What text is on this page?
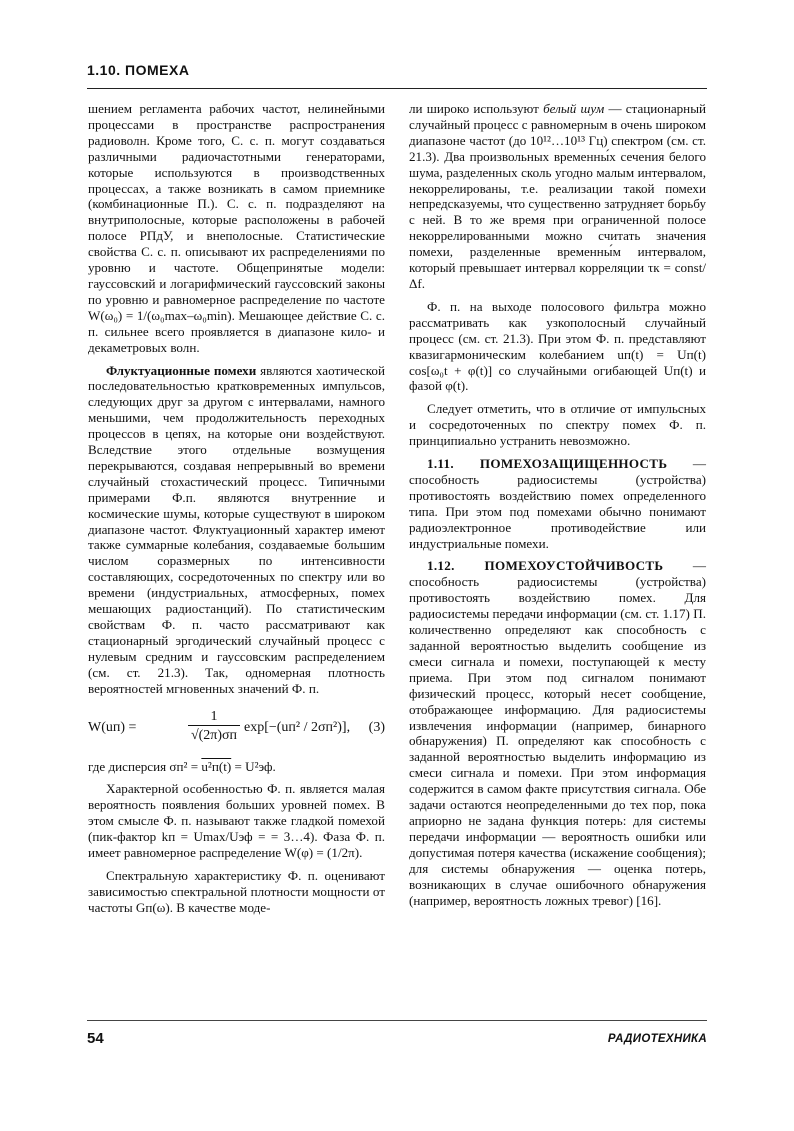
1.10. ПОМЕХА

шением регламента рабочих частот, нелинейными процессами в пространстве распространения радиоволн. Кроме того, С. с. п. могут создаваться различными радиочастотными генераторами, которые используются в производственных процессах, а также возникать в самом приемнике (комбинационные П.). С. с. п. подразделяют на внутриполосные, которые расположены в рабочей полосе РПдУ, и внеполосные. Статистические свойства С. с. п. описывают их распределениями по уровню и частоте. Общепринятые модели: гауссовский и логарифмический гауссовский законы по уровню и равномерное распределение по частоте W(ω₀) = 1/(ω₀max–ω₀min). Мешающее действие С. с. п. сильнее всего проявляется в диапазоне кило- и декаметровых волн.

Флуктуационные помехи являются хаотической последовательностью кратковременных импульсов, следующих друг за другом с интервалами, намного меньшими, чем продолжительность переходных процессов в цепях, на которые они воздействуют. Вследствие этого отдельные возмущения перекрываются, создавая непрерывный во времени случайный стохастический процесс. Типичными примерами Ф.п. являются внутренние и космические шумы, которые существуют в широком диапазоне частот. Флуктуационный характер имеют также суммарные колебания, создаваемые большим числом соразмерных по интенсивности составляющих, сосредоточенных по спектру или во времени (индустриальных, атмосферных, помех мешающих радиостанций). По статистическим свойствам Ф. п. часто рассматривают как стационарный эргодический случайный процесс с нулевым средним и гауссовским распределением (см. ст. 21.3). Так, одномерная плотность вероятностей мгновенных значений Ф. п.

W(uп) =
1
√(2π)σп
exp[−(uп² / 2σп²)], (3)

где дисперсия σп² = u²п(t) = U²эф.

Характерной особенностью Ф. п. является малая вероятность появления больших уровней помех. В этом смысле Ф. п. называют также гладкой помехой (пик-фактор kп = Umax/Uэф = = 3…4). Фаза Ф. п. имеет равномерное распределение W(φ) = (1/2π).

Спектральную характеристику Ф. п. оценивают зависимостью спектральной плотности мощности от частоты Gп(ω). В качестве моде-

ли широко используют белый шум — стационарный случайный процесс с равномерным в очень широком диапазоне частот (до 10¹²…10¹³ Гц) спектром (см. ст. 21.3). Два произвольных временны́х сечения белого шума, разделенных сколь угодно малым интервалом, некоррелированы, т.е. реализации такой помехи непредсказуемы, что существенно затрудняет борьбу с ней. В то же время при ограниченной полосе некоррелированными можно считать значения помехи, разделенные временны́м интервалом, который превышает интервал корреляции τк = const/Δf.

Ф. п. на выходе полосового фильтра можно рассматривать как узкополосный случайный процесс (см. ст. 21.3). При этом Ф. п. представляют квазигармоническим колебанием uп(t) = Uп(t) cos[ω₀t + φ(t)] со случайными огибающей Uп(t) и фазой φ(t).

Следует отметить, что в отличие от импульсных и сосредоточенных по спектру помех Ф. п. принципиально устранить невозможно.

1.11. ПОМЕХОЗАЩИЩЕННОСТЬ — способность радиосистемы (устройства) противостоять воздействию помех определенного типа. При этом под помехами обычно понимают радиоэлектронное противодействие или индустриальные помехи.

1.12. ПОМЕХОУСТОЙЧИВОСТЬ — способность радиосистемы (устройства) противостоять воздействию помех. Для радиосистемы передачи информации (см. ст. 1.17) П. количественно определяют как способность с заданной вероятностью выделить сообщение из смеси сигнала и помехи, поступающей к месту приема. При этом под сигналом понимают физический процесс, который несет сообщение, отображающее информацию. Для радиосистемы извлечения информации (например, бинарного обнаружения) П. определяют как способность с заданной вероятностью выделить информацию из смеси сигнала и помехи. При этом информация содержится в самом факте присутствия сигнала. Обе задачи остаются неопределенными до тех пор, пока априорно не задана функция потерь: для системы передачи информации — вероятность ошибки или допустимая потеря качества (искажение сообщения); для системы обнаружения — оценка потерь, возникающих в случае ошибочного обнаружения (например, вероятность ложных тревог) [16].

54	РАДИОТЕХНИКА
